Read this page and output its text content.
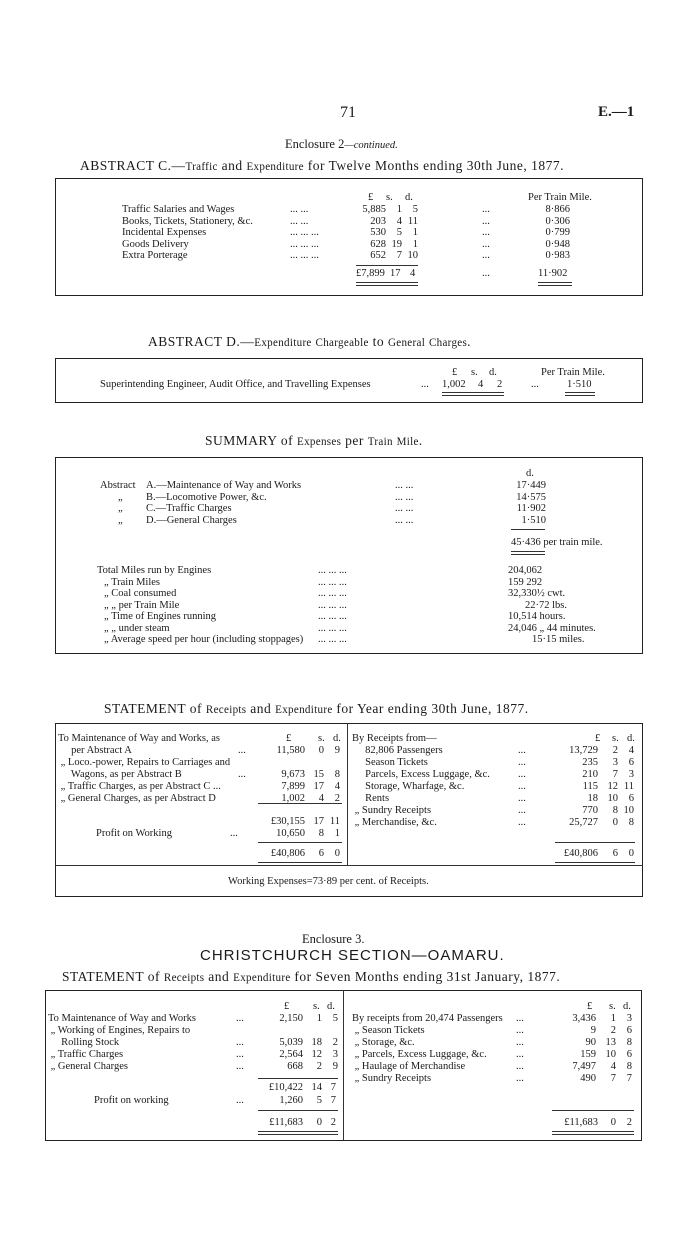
71	E.—1
Enclosure 2—continued.
ABSTRACT C.—Traffic and Expenditure for Twelve Months ending 30th June, 1877.
£ s. d.	Per Train Mile.
Traffic Salaries and Wages	... ...	5,885	1	5	...	8·866
Books, Tickets, Stationery, &c.	... ...	203	4 11	...	0·306
Incidental Expenses	... ... ...	530	5	1	...	0·799
Goods Delivery	... ... ...	628 19	1	...	0·948
Extra Porterage	... ... ...	652	7 10	...	0·983
£7,899 17 4	...	11·902
ABSTRACT D.—Expenditure Chargeable to General Charges.
£ s. d.	Per Train Mile.
Superintending Engineer, Audit Office, and Travelling Expenses	... 1,002 4 2	...	1·510
SUMMARY of Expenses per Train Mile.
d.
Abstract A.—Maintenance of Way and Works	... ...	17·449
„ B.—Locomotive Power, &c.	... ...	14·575
„ C.—Traffic Charges	... ...	11·902
„ D.—General Charges	... ...	1·510
45·436 per train mile.
Total Miles run by Engines	... ... ...	204,062
„ Train Miles	... ... ...	159 292
„ Coal consumed	... ... ...	32,330½ cwt.
„ „ per Train Mile	... ... ...	22·72 lbs.
„ Time of Engines running	... ... ...	10,514 hours.
„ „ under steam	... ... ...	24,046 „ 44 minutes.
„ Average speed per hour (including stoppages) ... ... ...	15·15 miles.
STATEMENT of Receipts and Expenditure for Year ending 30th June, 1877.
£	s. d.	£ s. d.
To Maintenance of Way and Works, as
per Abstract A	...	11,580	0	9
„ Loco.-power, Repairs to Carriages and
Wagons, as per Abstract B	...	9,673 15	8
„ Traffic Charges, as per Abstract C ...	7,899 17	4
„ General Charges, as per Abstract D	1,002	4	2
By Receipts from—
82,806 Passengers	...	13,729	2	4
Season Tickets	...	235	3	6
Parcels, Excess Luggage, &c.	...	210	7	3
Storage, Wharfage, &c.	...	115 12 11
Rents	...	18 10	6
„ Sundry Receipts	...	770	8 10
„ Merchandise, &c.	...	25,727	0	8
£30,155 17 11
Profit on Working	...	10,650	8	1
£40,806	6	0	£40,806	6	0
Working Expenses=73·89 per cent. of Receipts.
Enclosure 3.
CHRISTCHURCH SECTION—OAMARU.
STATEMENT of Receipts and Expenditure for Seven Months ending 31st January, 1877.
£ s. d.	£ s. d.
To Maintenance of Way and Works	...	2,150	1	5
„ Working of Engines, Repairs to
Rolling Stock	...	5,039 18	2
„ Traffic Charges	...	2,564 12	3
„ General Charges	...	668	2	9
By receipts from 20,474 Passengers ...	3,436	1	3
„ Season Tickets	...	9	2	6
„ Storage, &c.	...	90 13	8
„ Parcels, Excess Luggage, &c.	...	159 10	6
„ Haulage of Merchandise	...	7,497	4	8
„ Sundry Receipts	...	490	7	7
£10,422 14 7
Profit on working	...	1,260	5 7
£11,683	0 2	£11,683	0	2
